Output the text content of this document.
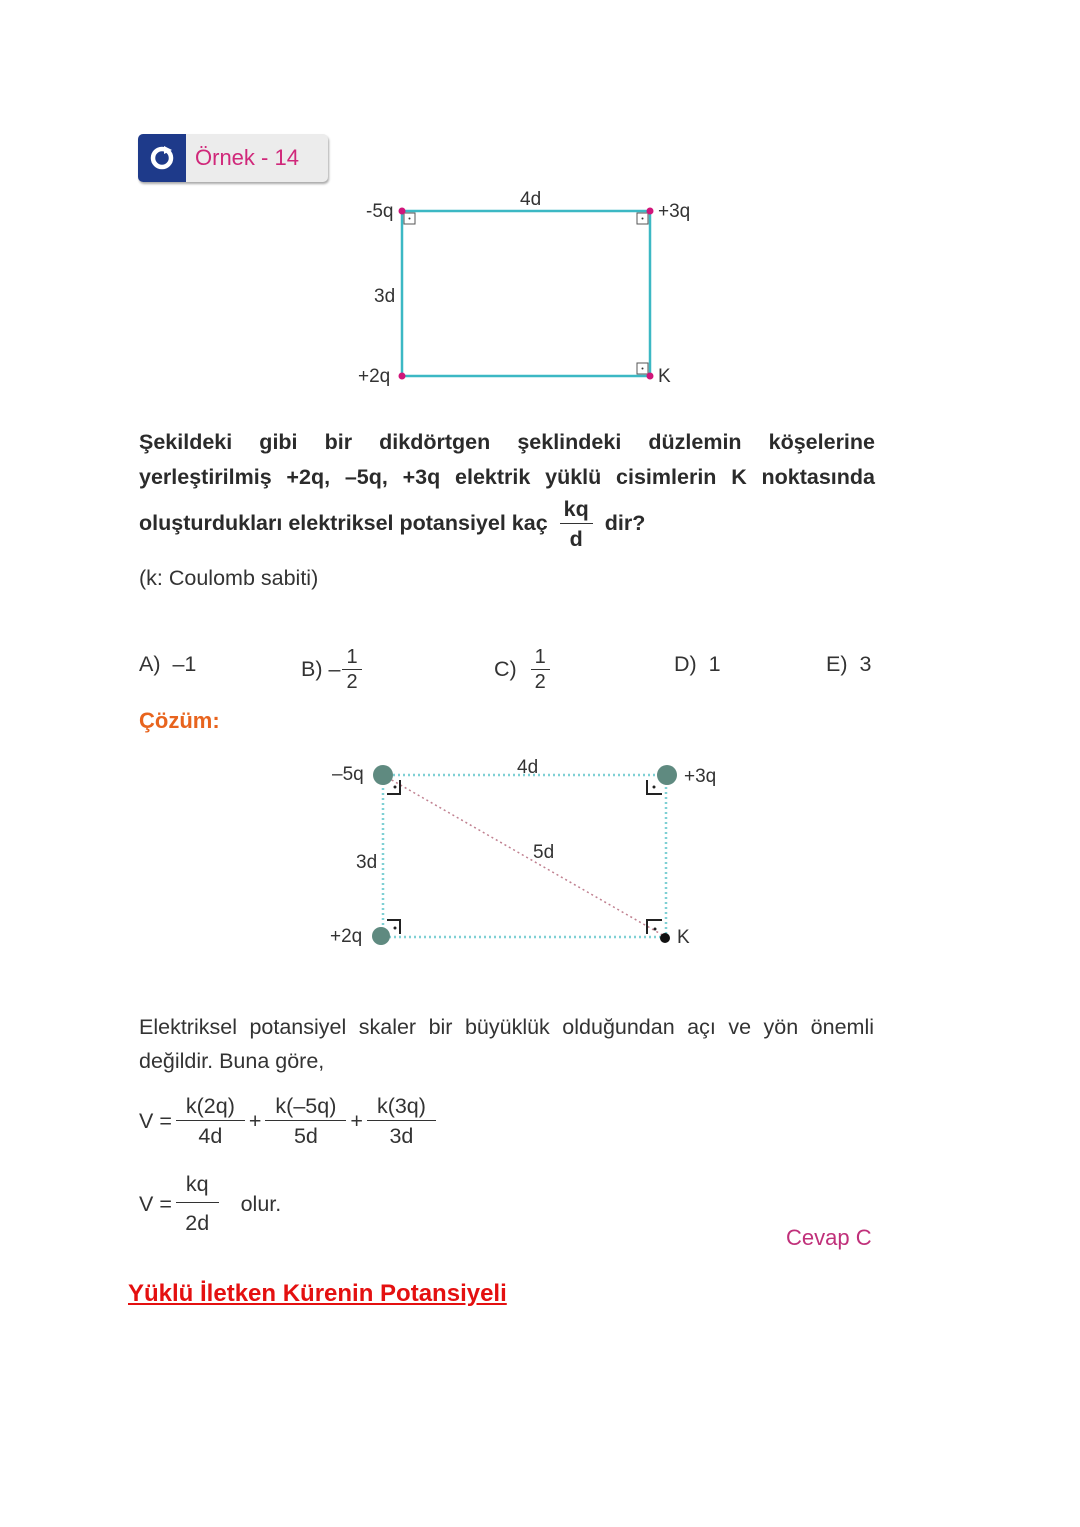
Örnek - 14
4d
3d
-5q	+3q
+2q	K
Şekildeki gibi bir dikdörtgen şeklindeki düzlemin köşelerine yerleştirilmiş +2q, –5q, +3q elektrik yüklü cisimlerin K noktasında oluşturdukları elektriksel potansiyel kaç $\frac{kq}{d}$ dir?
(k: Coulomb sabiti)
A)
–1	B)
– $\frac{1}{2}$	C)
$\frac{1}{2}$	D)
1	E)
3
Çözüm:
4d
3d	5d
–5q	+3q
+2q	K
Elektriksel potansiyel skaler bir büyüklük olduğundan açı ve yön önemli değildir. Buna göre,
$V = \frac{k(2q)}{4d} + \frac{k(-5q)}{5d} + \frac{k(3q)}{3d}$
$V = \frac{kq}{2d}$ olur.
Cevap C
Yüklü İletken Kürenin Potansiyeli
